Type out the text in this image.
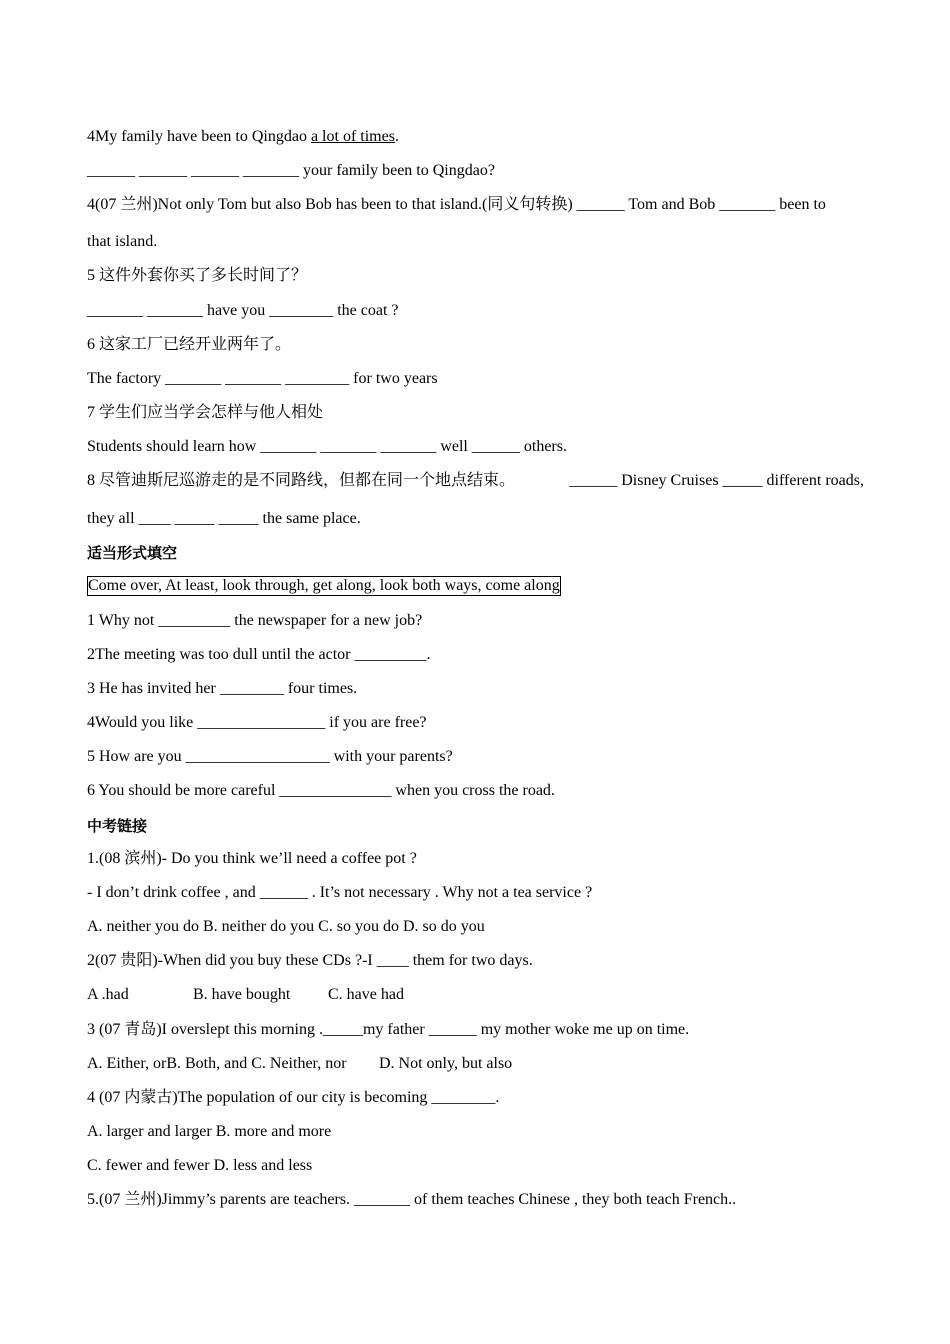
4My family have been to Qingdao a lot of times.
______ ______ ______ _______ your family been to Qingdao?
4(07 兰州)Not only Tom but also Bob has been to that island.(同义句转换) ______ Tom and Bob _______ been to
that island.
5 这件外套你买了多长时间了？
_______ _______ have you ________ the coat ?
6 这家工厂已经开业两年了。
The factory _______ _______ ________ for two years
7 学生们应当学会怎样与他人相处
Students should learn how _______ _______ _______ well ______ others.
8 尽管迪斯尼巡游走的是不同路线，但都在同一个地点结束。	______ Disney Cruises _____ different roads,
they all ____ _____ _____ the same place.
适当形式填空
Come over, At least, look through, get along, look both ways, come along
1 Why not _________ the newspaper for a new job?
2The meeting was too dull until the actor _________.
3 He has invited her ________ four times.
4Would you like ________________ if you are free?
5 How are you __________________ with your parents?
6 You should be more careful ______________ when you cross the road.
中考链接
1.(08 滨州)- Do you think we’ll need a coffee pot ?
- I don’t drink coffee , and ______ . It’s not necessary . Why not a tea service ?
A. neither you do B. neither do you C. so you do D. so do you
2(07 贵阳)-When did you buy these CDs ?-I ____ them for two days.
A .had	B. have bought C. have had
3 (07 青岛)I overslept this morning ._____my father ______ my mother woke me up on time.
A. Either, orB. Both, and C. Neither, nor D. Not only, but also
4 (07 内蒙古)The population of our city is becoming ________.
A. larger and larger B. more and more
C. fewer and fewer D. less and less
5.(07 兰州)Jimmy’s parents are teachers. _______ of them teaches Chinese , they both teach French..
